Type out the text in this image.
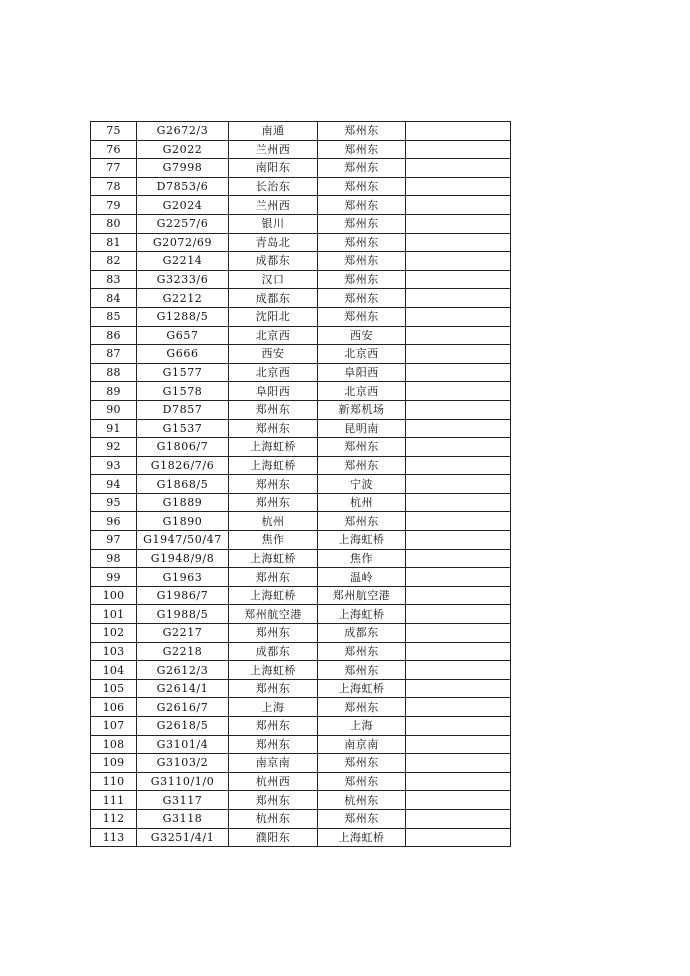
75	G2672/3	南通	郑州东	
76	G2022	兰州西	郑州东	
77	G7998	南阳东	郑州东	
78	D7853/6	长治东	郑州东	
79	G2024	兰州西	郑州东	
80	G2257/6	银川	郑州东	
81	G2072/69	青岛北	郑州东	
82	G2214	成都东	郑州东	
83	G3233/6	汉口	郑州东	
84	G2212	成都东	郑州东	
85	G1288/5	沈阳北	郑州东	
86	G657	北京西	西安	
87	G666	西安	北京西	
88	G1577	北京西	阜阳西	
89	G1578	阜阳西	北京西	
90	D7857	郑州东	新郑机场	
91	G1537	郑州东	昆明南	
92	G1806/7	上海虹桥	郑州东	
93	G1826/7/6	上海虹桥	郑州东	
94	G1868/5	郑州东	宁波	
95	G1889	郑州东	杭州	
96	G1890	杭州	郑州东	
97	G1947/50/47	焦作	上海虹桥	
98	G1948/9/8	上海虹桥	焦作	
99	G1963	郑州东	温岭	
100	G1986/7	上海虹桥	郑州航空港	
101	G1988/5	郑州航空港	上海虹桥	
102	G2217	郑州东	成都东	
103	G2218	成都东	郑州东	
104	G2612/3	上海虹桥	郑州东	
105	G2614/1	郑州东	上海虹桥	
106	G2616/7	上海	郑州东	
107	G2618/5	郑州东	上海	
108	G3101/4	郑州东	南京南	
109	G3103/2	南京南	郑州东	
110	G3110/1/0	杭州西	郑州东	
111	G3117	郑州东	杭州东	
112	G3118	杭州东	郑州东	
113	G3251/4/1	濮阳东	上海虹桥	
